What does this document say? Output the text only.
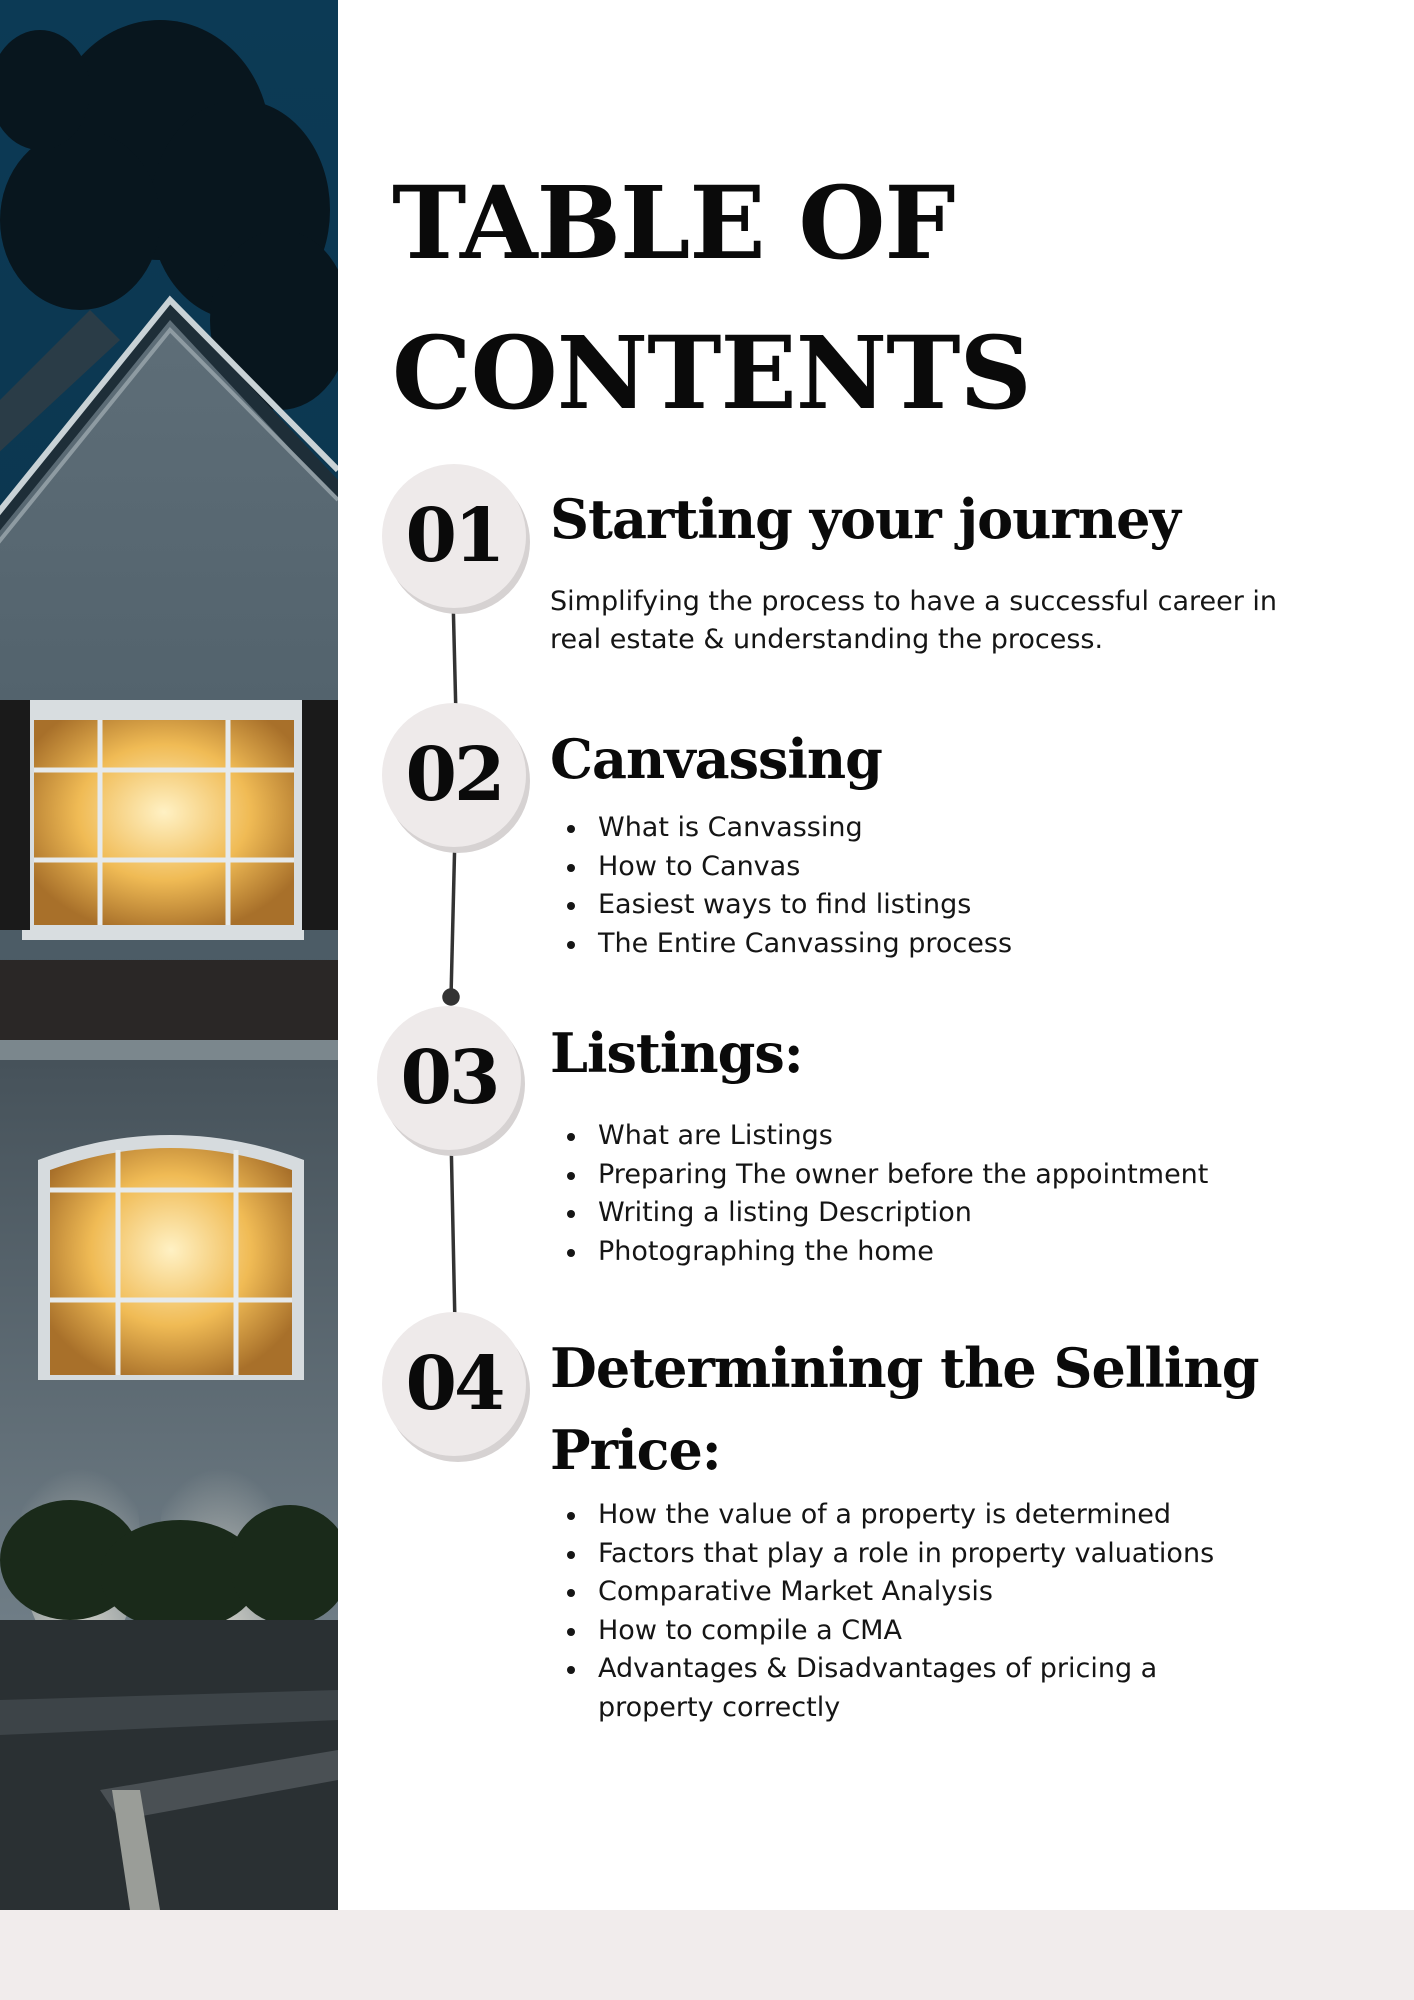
TABLE OF
CONTENTS
01 Starting your journey

Simplifying the process to have a successful career in real estate & understanding the process.

02 Canvassing
What is Canvassing
How to Canvas
Easiest ways to find listings
The Entire Canvassing process
03 Listings:
What are Listings
Preparing The owner before the appointment
Writing a listing Description
Photographing the home
04 Determining the Selling Price:
How the value of a property is determined
Factors that play a role in property valuations
Comparative Market Analysis
How to compile a CMA
Advantages & Disadvantages of pricing a property correctly
